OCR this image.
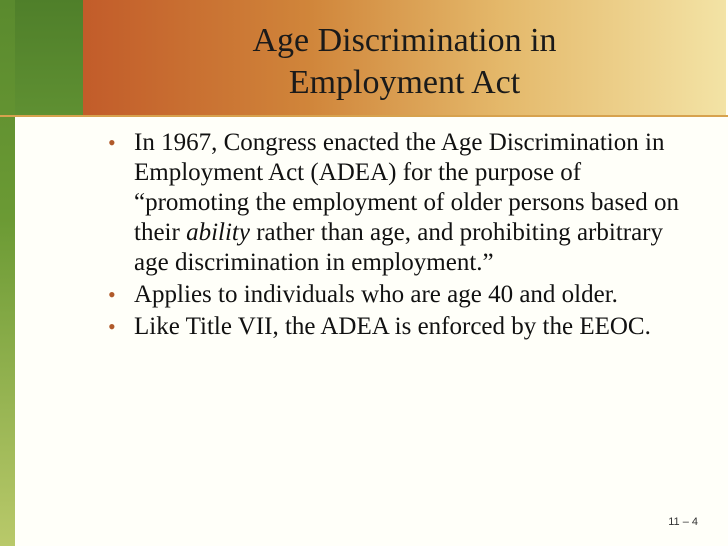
Age Discrimination in
Employment Act
• In 1967, Congress enacted the Age Discrimination in Employment Act (ADEA) for the purpose of “promoting the employment of older persons based on their ability rather than age, and prohibiting arbitrary age discrimination in employment.”
• Applies to individuals who are age 40 and older.
• Like Title VII, the ADEA is enforced by the EEOC.
11 – 4
